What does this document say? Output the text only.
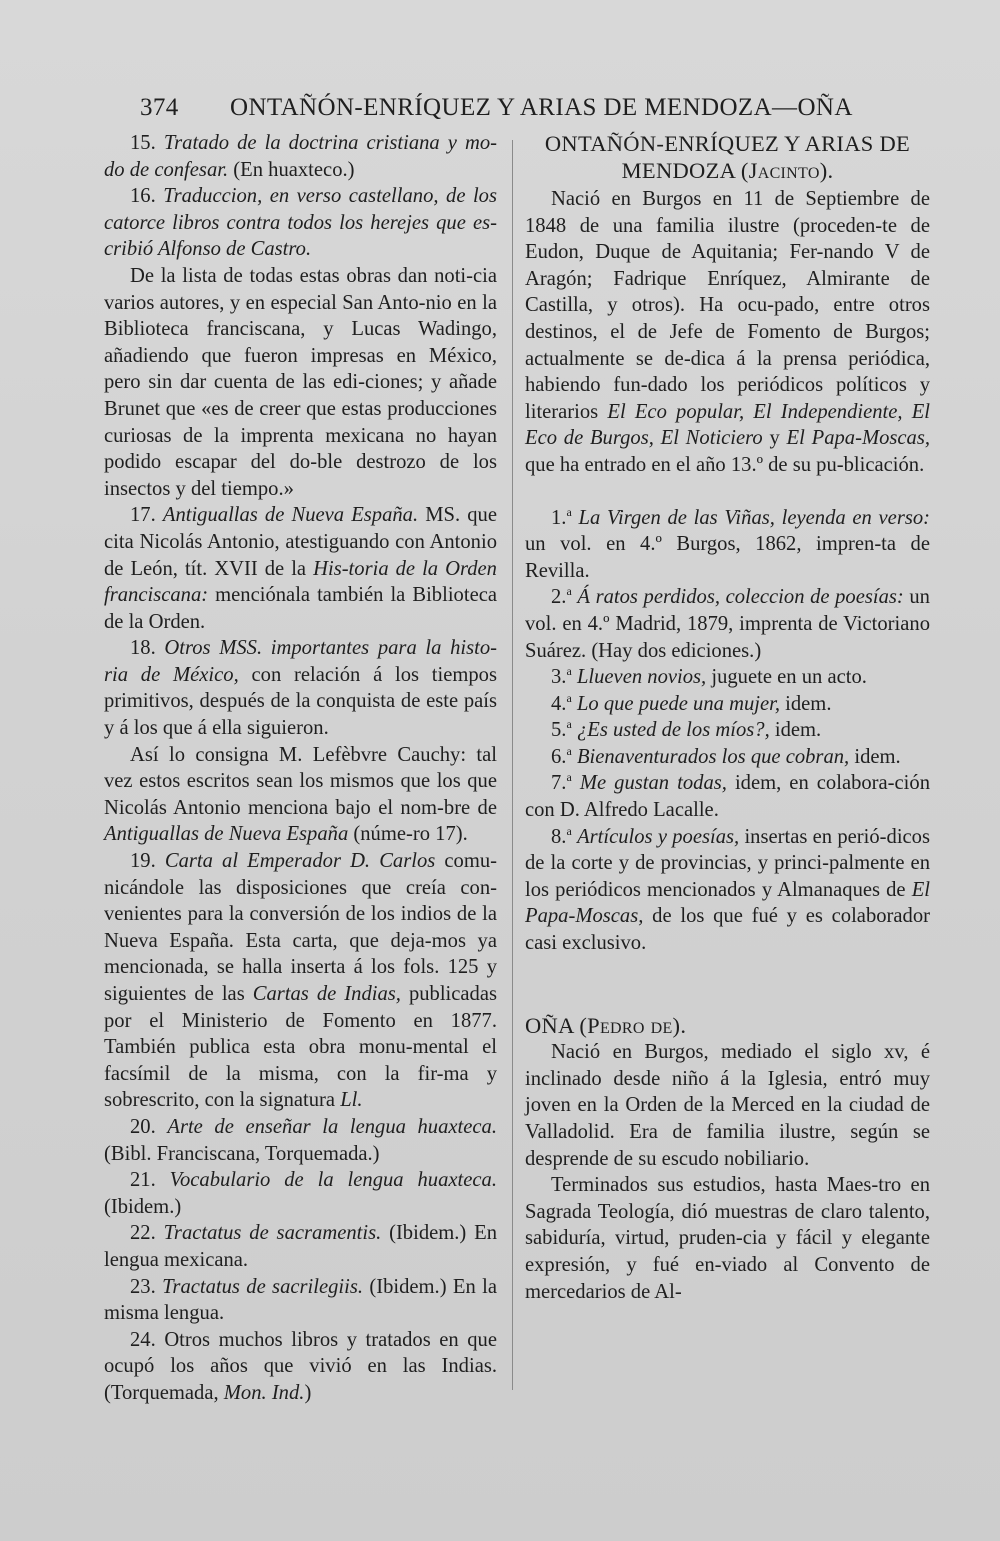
374 ONTAÑÓN-ENRÍQUEZ Y ARIAS DE MENDOZA—OÑA

15. Tratado de la doctrina cristiana y mo-do de confesar. (En huaxteco.)

16. Traduccion, en verso castellano, de los catorce libros contra todos los herejes que es-cribió Alfonso de Castro.

De la lista de todas estas obras dan noti-cia varios autores, y en especial San Anto-nio en la Biblioteca franciscana, y Lucas Wadingo, añadiendo que fueron impresas en México, pero sin dar cuenta de las edi-ciones; y añade Brunet que «es de creer que estas producciones curiosas de la imprenta mexicana no hayan podido escapar del do-ble destrozo de los insectos y del tiempo.»

17. Antiguallas de Nueva España. MS. que cita Nicolás Antonio, atestiguando con Antonio de León, tít. XVII de la His-toria de la Orden franciscana: menciónala también la Biblioteca de la Orden.

18. Otros MSS. importantes para la histo-ria de México, con relación á los tiempos primitivos, después de la conquista de este país y á los que á ella siguieron.

Así lo consigna M. Lefèbvre Cauchy: tal vez estos escritos sean los mismos que los que Nicolás Antonio menciona bajo el nom-bre de Antiguallas de Nueva España (núme-ro 17).

19. Carta al Emperador D. Carlos comu-nicándole las disposiciones que creía con-venientes para la conversión de los indios de la Nueva España. Esta carta, que deja-mos ya mencionada, se halla inserta á los fols. 125 y siguientes de las Cartas de Indias, publicadas por el Ministerio de Fomento en 1877. También publica esta obra monu-mental el facsímil de la misma, con la fir-ma y sobrescrito, con la signatura Ll.

20. Arte de enseñar la lengua huaxteca. (Bibl. Franciscana, Torquemada.)

21. Vocabulario de la lengua huaxteca. (Ibidem.)

22. Tractatus de sacramentis. (Ibidem.) En lengua mexicana.

23. Tractatus de sacrilegiis. (Ibidem.) En la misma lengua.

24. Otros muchos libros y tratados en que ocupó los años que vivió en las Indias. (Torquemada, Mon. Ind.)

ONTAÑÓN-ENRÍQUEZ Y ARIAS DE MENDOZA (Jacinto).

Nació en Burgos en 11 de Septiembre de 1848 de una familia ilustre (proceden-te de Eudon, Duque de Aquitania; Fer-nando V de Aragón; Fadrique Enríquez, Almirante de Castilla, y otros). Ha ocu-pado, entre otros destinos, el de Jefe de Fomento de Burgos; actualmente se de-dica á la prensa periódica, habiendo fun-dado los periódicos políticos y literarios El Eco popular, El Independiente, El Eco de Burgos, El Noticiero y El Papa-Moscas, que ha entrado en el año 13.º de su pu-blicación.

1.$^a$ La Virgen de las Viñas, leyenda en verso: un vol. en 4.º Burgos, 1862, impren-ta de Revilla.

2.$^a$ Á ratos perdidos, coleccion de poesías: un vol. en 4.º Madrid, 1879, imprenta de Victoriano Suárez. (Hay dos ediciones.)

3.$^a$ Llueven novios, juguete en un acto.

4.$^a$ Lo que puede una mujer, idem.

5.$^a$ ¿Es usted de los míos?, idem.

6.$^a$ Bienaventurados los que cobran, idem.

7.$^a$ Me gustan todas, idem, en colabora-ción con D. Alfredo Lacalle.

8.$^a$ Artículos y poesías, insertas en perió-dicos de la corte y de provincias, y princi-palmente en los periódicos mencionados y Almanaques de El Papa-Moscas, de los que fué y es colaborador casi exclusivo.

OÑA (Pedro de).

Nació en Burgos, mediado el siglo xv, é inclinado desde niño á la Iglesia, entró muy joven en la Orden de la Merced en la ciudad de Valladolid. Era de familia ilustre, según se desprende de su escudo nobiliario.

Terminados sus estudios, hasta Maes-tro en Sagrada Teología, dió muestras de claro talento, sabiduría, virtud, pruden-cia y fácil y elegante expresión, y fué en-viado al Convento de mercedarios de Al-
